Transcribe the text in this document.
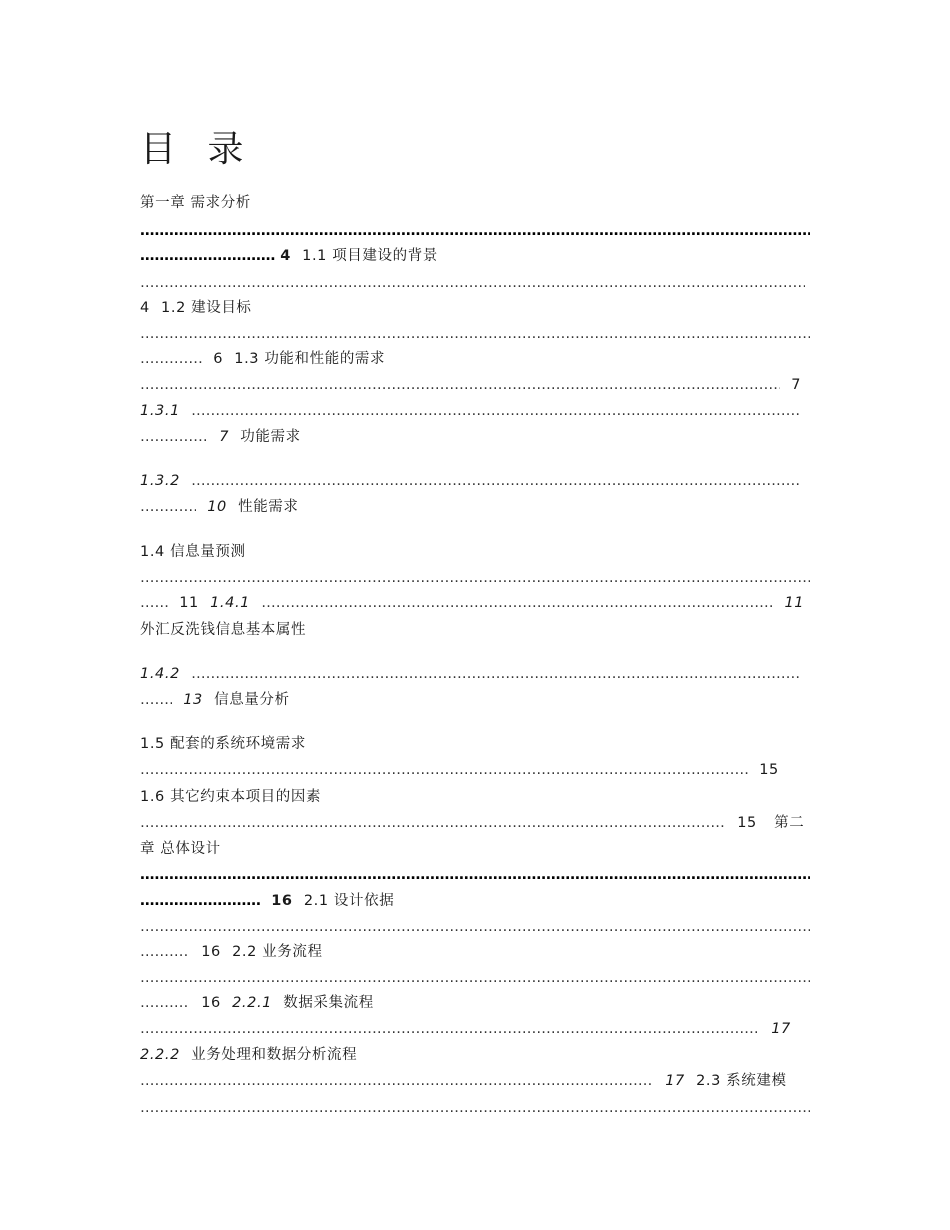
目 录
第一章 需求分析
………………………………………………………………………………………………………………………………………………………………………………………………………………………………………………………………………………………………………………………
……………………………………………………………………………………………………………………………………………………………………………………………………………………………………………………………………………………………………………………… 4 1.1 项目建设的背景
………………………………………………………………………………………………………………………………………………………………………………………………………………………………………………………………………………………………………………………
4 1.2 建设目标
………………………………………………………………………………………………………………………………………………………………………………………………………………………………………………………………………………………………………………………
……………………………………………………………………………………………………………………………………………………………………………………………………………………………………………………………………………………………………………………… 6 1.3 功能和性能的需求
……………………………………………………………………………………………………………………………………………………………………………………………………………………………………………………………………………………………………………………… 7
1.3.1 ………………………………………………………………………………………………………………………………………………………………………………………………………………………………………………………………………………………………………………………
……………………………………………………………………………………………………………………………………………………………………………………………………………………………………………………………………………………………………………………… 7 功能需求
1.3.2 ………………………………………………………………………………………………………………………………………………………………………………………………………………………………………………………………………………………………………………………
……………………………………………………………………………………………………………………………………………………………………………………………………………………………………………………………………………………………………………………… 10 性能需求
1.4 信息量预测
………………………………………………………………………………………………………………………………………………………………………………………………………………………………………………………………………………………………………………………
……………………………………………………………………………………………………………………………………………………………………………………………………………………………………………………………………………………………………………………… 11 1.4.1 ………………………………………………………………………………………………………………………………………………………………………………………………………………………………………………………………………………………………………………………	11
外汇反洗钱信息基本属性
1.4.2 ………………………………………………………………………………………………………………………………………………………………………………………………………………………………………………………………………………………………………………………
……………………………………………………………………………………………………………………………………………………………………………………………………………………………………………………………………………………………………………………… 13 信息量分析
1.5 配套的系统环境需求
……………………………………………………………………………………………………………………………………………………………………………………………………………………………………………………………………………………………………………………… 15
1.6 其它约束本项目的因素
……………………………………………………………………………………………………………………………………………………………………………………………………………………………………………………………………………………………………………………… 15 第二
章 总体设计
………………………………………………………………………………………………………………………………………………………………………………………………………………………………………………………………………………………………………………………
……………………………………………………………………………………………………………………………………………………………………………………………………………………………………………………………………………………………………………………… 16 2.1 设计依据
………………………………………………………………………………………………………………………………………………………………………………………………………………………………………………………………………………………………………………………
……………………………………………………………………………………………………………………………………………………………………………………………………………………………………………………………………………………………………………………… 16 2.2 业务流程
………………………………………………………………………………………………………………………………………………………………………………………………………………………………………………………………………………………………………………………
……………………………………………………………………………………………………………………………………………………………………………………………………………………………………………………………………………………………………………………… 16 2.2.1 数据采集流程
……………………………………………………………………………………………………………………………………………………………………………………………………………………………………………………………………………………………………………………… 17
2.2.2 业务处理和数据分析流程
……………………………………………………………………………………………………………………………………………………………………………………………………………………………………………………………………………………………………………………… 17 2.3 系统建模
………………………………………………………………………………………………………………………………………………………………………………………………………………………………………………………………………………………………………………………
